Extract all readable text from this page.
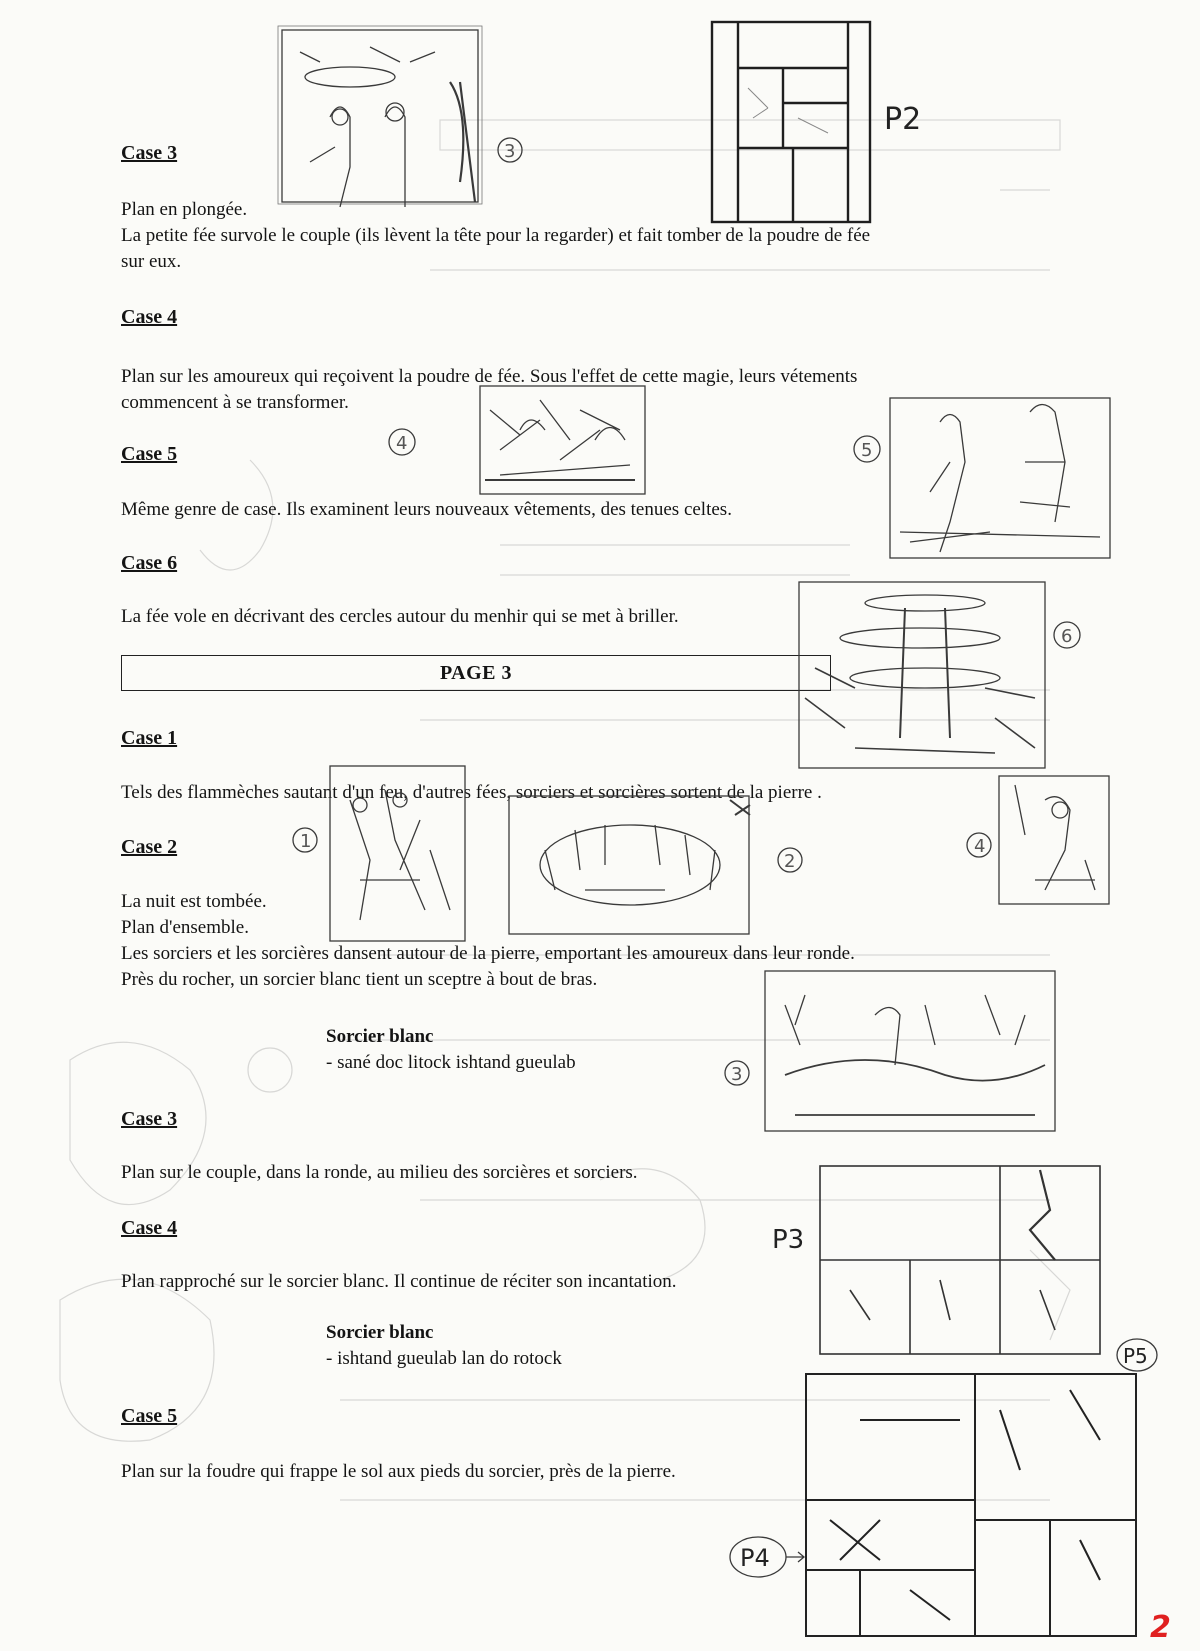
Case 3

Plan en plongée.
La petite fée survole le couple (ils lèvent la tête pour la regarder) et fait tomber de la poudre de fée
sur eux.

Case 4

Plan sur les amoureux qui reçoivent la poudre de fée. Sous l'effet de cette magie, leurs vétements
commencent à se transformer.

Case 5

Même genre de case. Ils examinent leurs nouveaux vêtements, des tenues celtes.

Case 6

La fée vole en décrivant des cercles autour du menhir qui se met à briller.

PAGE 3
Case 1

Tels des flammèches sautant d'un feu, d'autres fées, sorciers et sorcières sortent de la pierre .

Case 2

La nuit est tombée.
Plan d'ensemble.
Les sorciers et les sorcières dansent autour de la pierre, emportant les amoureux dans leur ronde.
Près du rocher, un sorcier blanc tient un sceptre à bout de bras.

Sorcier blanc

- sané doc litock ishtand gueulab

Case 3

Plan sur le couple, dans la ronde, au milieu des sorcières et sorciers.

Case 4

Plan rapproché sur le sorcier blanc. Il continue de réciter son incantation.

Sorcier blanc

- ishtand gueulab lan do rotock

Case 5

Plan sur la foudre qui frappe le sol aux pieds du sorcier, près de la pierre.

3
P2
4	5
6
1
2
4
3
P3
P5
P4
2
